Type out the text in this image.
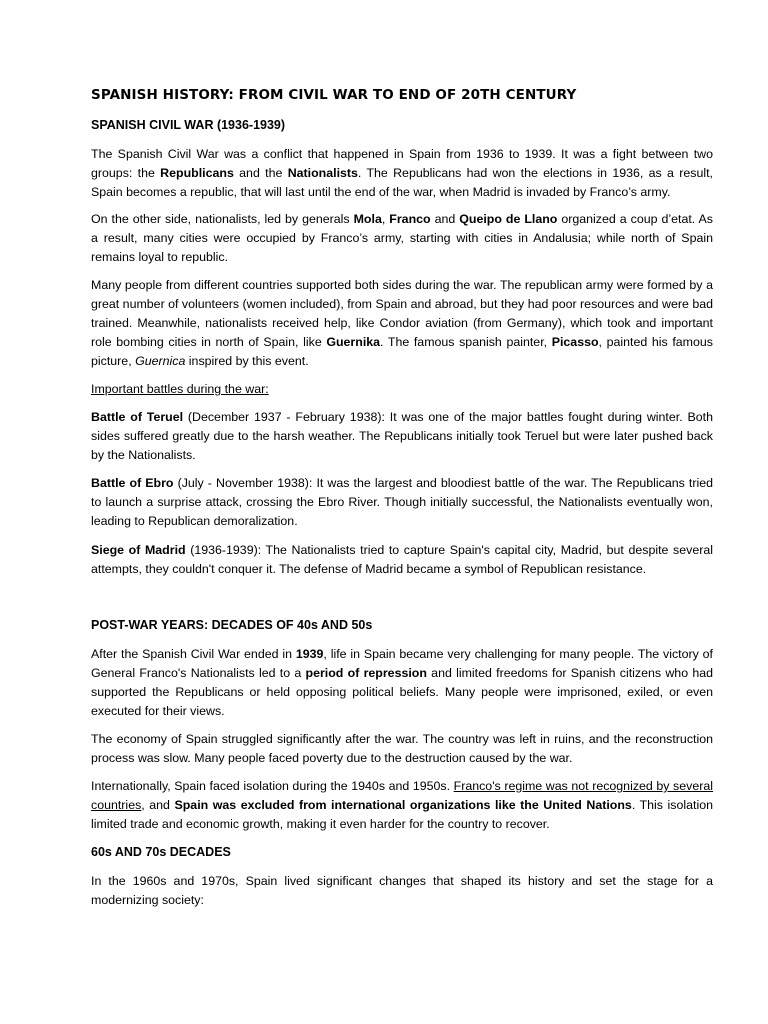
SPANISH HISTORY: FROM CIVIL WAR TO END OF 20TH CENTURY
SPANISH CIVIL WAR (1936-1939)

The Spanish Civil War was a conflict that happened in Spain from 1936 to 1939. It was a fight between two groups: the Republicans and the Nationalists. The Republicans had won the elections in 1936, as a result, Spain becomes a republic, that will last until the end of the war, when Madrid is invaded by Franco’s army.

On the other side, nationalists, led by generals Mola, Franco and Queipo de Llano organized a coup d’etat. As a result, many cities were occupied by Franco’s army, starting with cities in Andalusia; while north of Spain remains loyal to republic.

Many people from different countries supported both sides during the war. The republican army were formed by a great number of volunteers (women included), from Spain and abroad, but they had poor resources and were bad trained. Meanwhile, nationalists received help, like Condor aviation (from Germany), which took and important role bombing cities in north of Spain, like Guernika. The famous spanish painter, Picasso, painted his famous picture, Guernica inspired by this event.

Important battles during the war:

Battle of Teruel (December 1937 - February 1938): It was one of the major battles fought during winter. Both sides suffered greatly due to the harsh weather. The Republicans initially took Teruel but were later pushed back by the Nationalists.

Battle of Ebro (July - November 1938): It was the largest and bloodiest battle of the war. The Republicans tried to launch a surprise attack, crossing the Ebro River. Though initially successful, the Nationalists eventually won, leading to Republican demoralization.

Siege of Madrid (1936-1939): The Nationalists tried to capture Spain's capital city, Madrid, but despite several attempts, they couldn't conquer it. The defense of Madrid became a symbol of Republican resistance.

POST-WAR YEARS: DECADES OF 40s AND 50s

After the Spanish Civil War ended in 1939, life in Spain became very challenging for many people. The victory of General Franco's Nationalists led to a period of repression and limited freedoms for Spanish citizens who had supported the Republicans or held opposing political beliefs. Many people were imprisoned, exiled, or even executed for their views.

The economy of Spain struggled significantly after the war. The country was left in ruins, and the reconstruction process was slow. Many people faced poverty due to the destruction caused by the war.

Internationally, Spain faced isolation during the 1940s and 1950s. Franco's regime was not recognized by several countries, and Spain was excluded from international organizations like the United Nations. This isolation limited trade and economic growth, making it even harder for the country to recover.

60s AND 70s DECADES

In the 1960s and 1970s, Spain lived significant changes that shaped its history and set the stage for a modernizing society:
